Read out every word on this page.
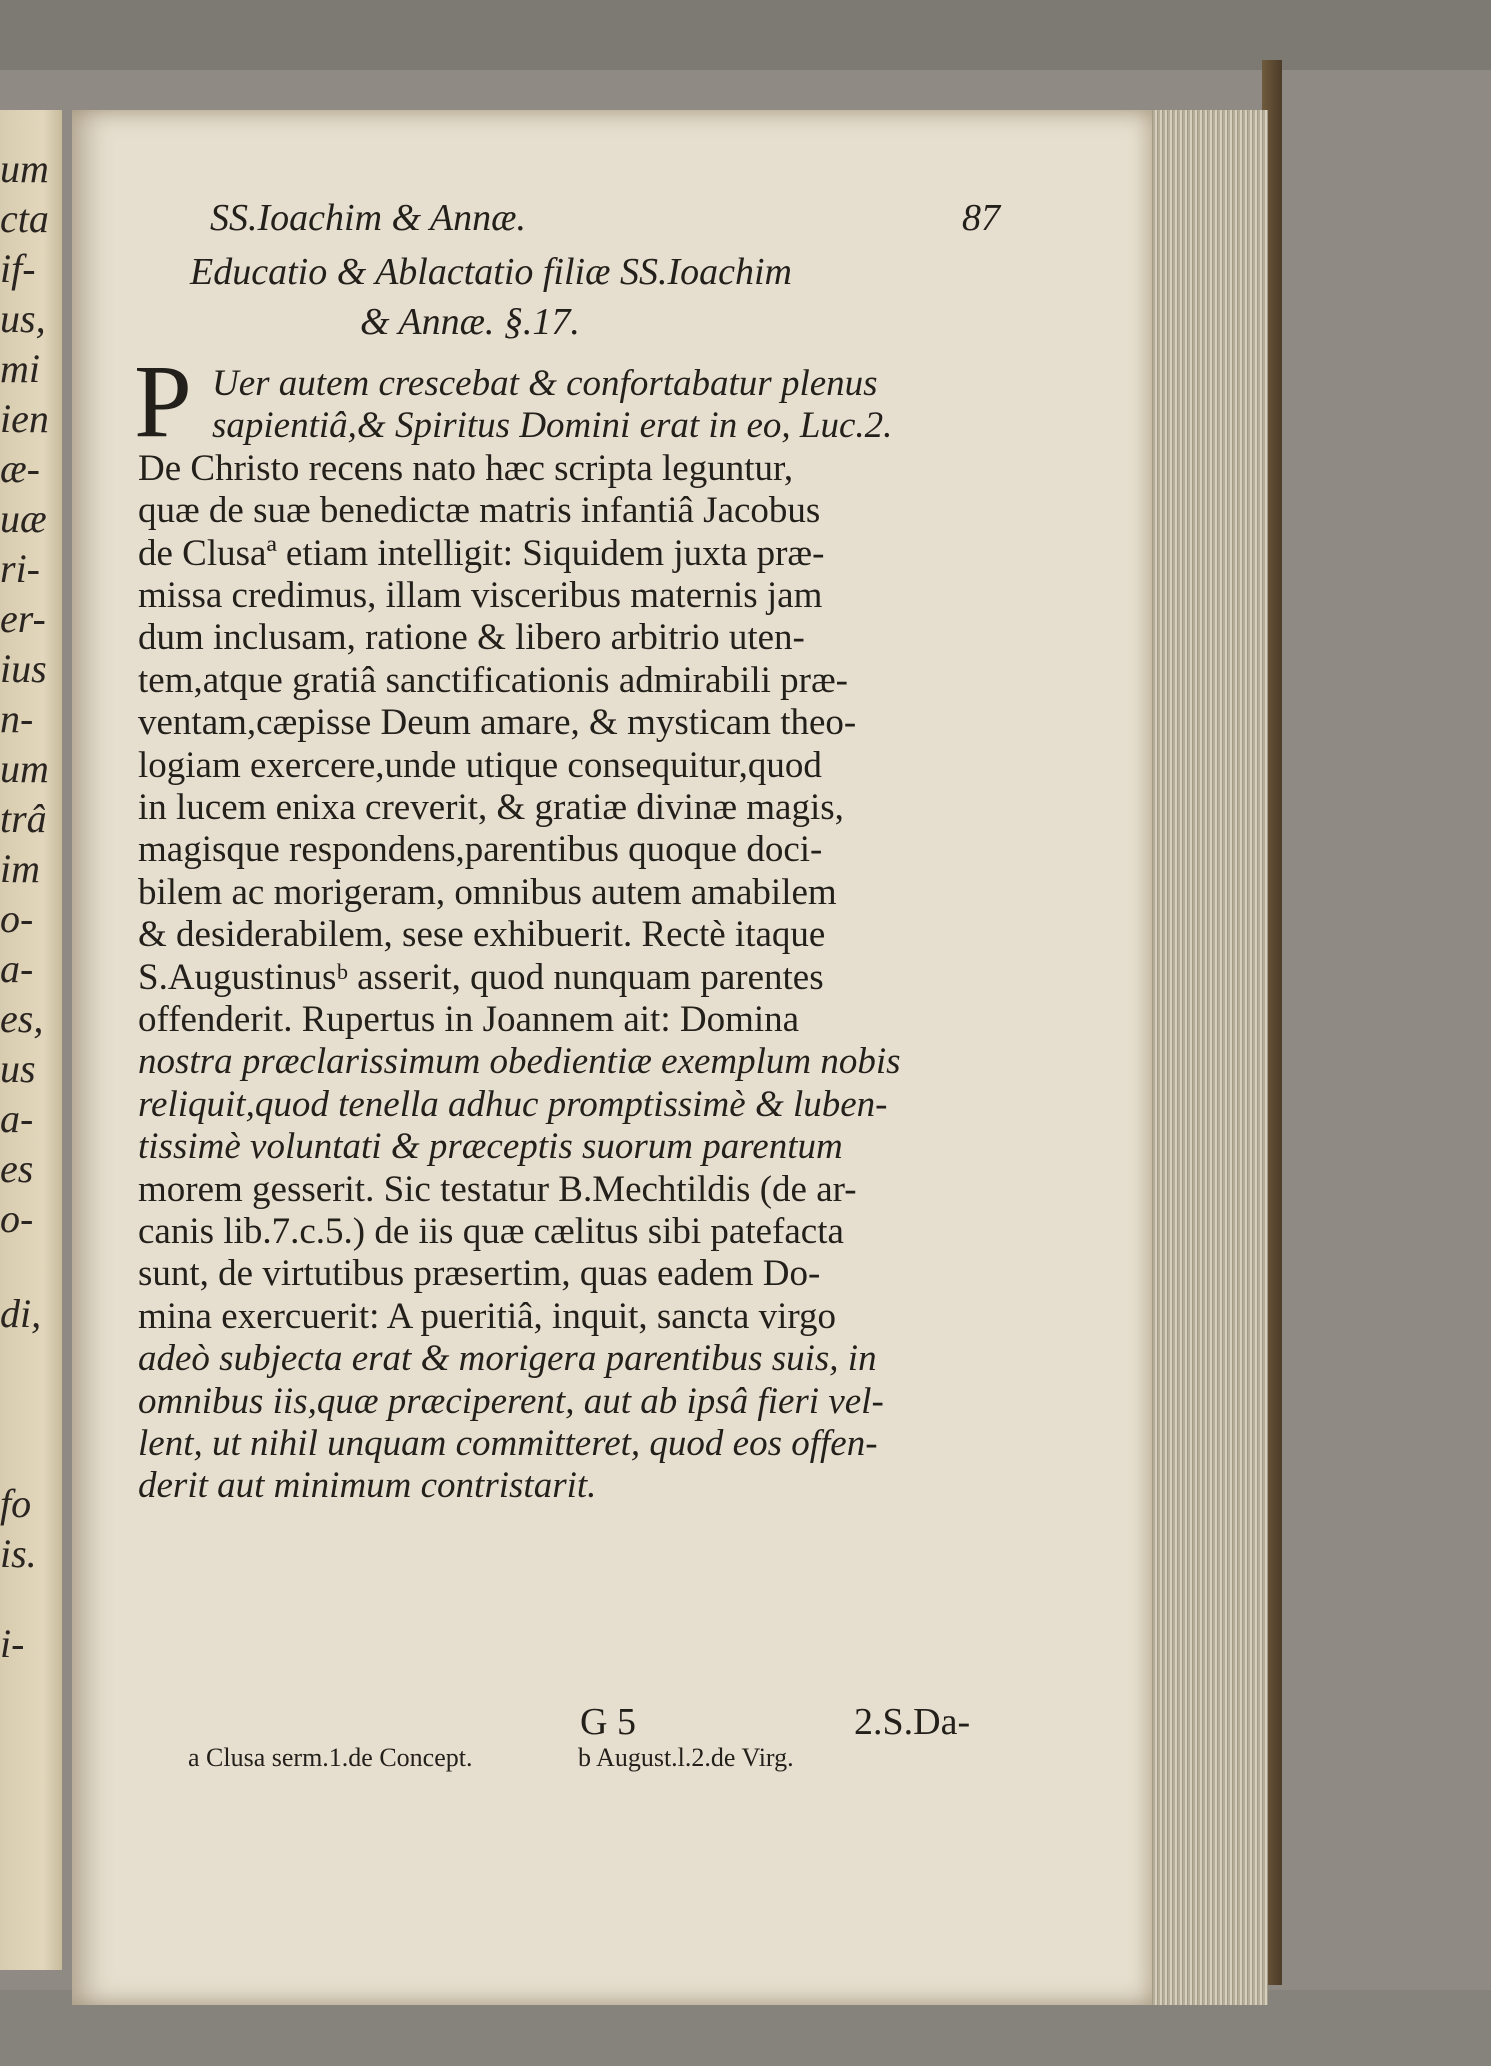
um
cta
if-
us,
mi
ien
æ-
uæ
ri-
er-
ius
n-
um
trâ
im
o-
a-
es,
us
a-
es
o-
di,
fo
is.
i-
SS.Ioachim & Annæ.	87
Educatio & Ablactatio filiæ SS.Ioachim
& Annæ. §.17.
P Uer autem crescebat & confortabatur plenus
sapientiâ,& Spiritus Domini erat in eo, Luc.2.
De Christo recens nato hæc scripta leguntur,
quæ de suæ benedictæ matris infantiâ Jacobus
de Clusaª etiam intelligit: Siquidem juxta præ-
missa credimus, illam visceribus maternis jam
dum inclusam, ratione & libero arbitrio uten-
tem,atque gratiâ sanctificationis admirabili præ-
ventam,cæpisse Deum amare, & mysticam theo-
logiam exercere,unde utique consequitur,quod
in lucem enixa creverit, & gratiæ divinæ magis,
magisque respondens,parentibus quoque doci-
bilem ac morigeram, omnibus autem amabilem
& desiderabilem, sese exhibuerit. Rectè itaque
S.Augustinusᵇ asserit, quod nunquam parentes
offenderit. Rupertus in Joannem ait: Domina
nostra præclarissimum obedientiæ exemplum nobis
reliquit,quod tenella adhuc promptissimè & luben-
tissimè voluntati & præceptis suorum parentum
morem gesserit. Sic testatur B.Mechtildis (de ar-
canis lib.7.c.5.) de iis quæ cælitus sibi patefacta
sunt, de virtutibus præsertim, quas eadem Do-
mina exercuerit: A pueritiâ, inquit, sancta virgo
adeò subjecta erat & morigera parentibus suis, in
omnibus iis,quæ præciperent, aut ab ipsâ fieri vel-
lent, ut nihil unquam committeret, quod eos offen-
derit aut minimum contristarit.
G 5	2.S.Da-
a Clusa serm.1.de Concept.	b August.l.2.de Virg.
